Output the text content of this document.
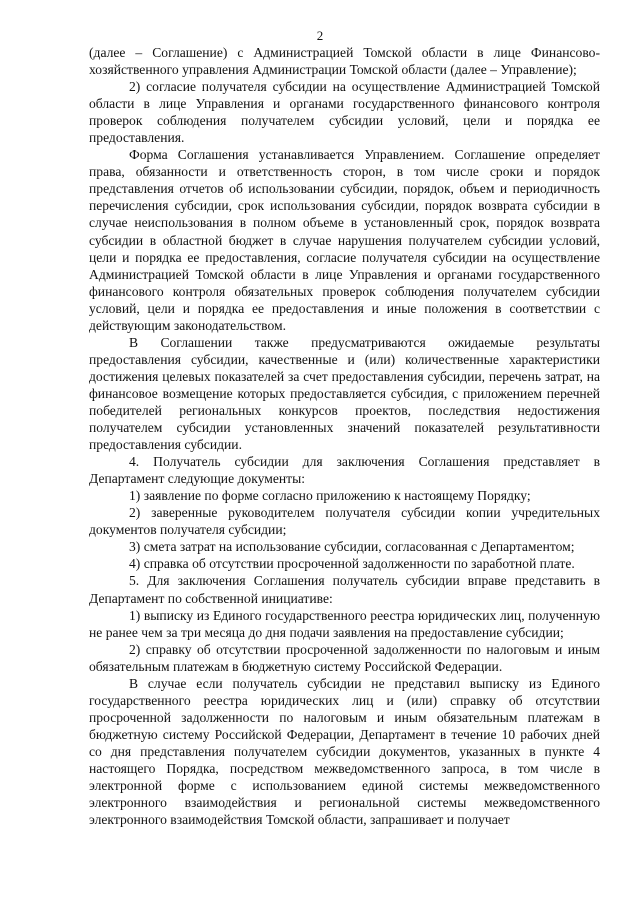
2

(далее – Соглашение) с Администрацией Томской области в лице Финансово-хозяйственного управления Администрации Томской области (далее – Управление);

2) согласие получателя субсидии на осуществление Администрацией Томской области в лице Управления и органами государственного финансового контроля проверок соблюдения получателем субсидии условий, цели и порядка ее предоставления.

Форма Соглашения устанавливается Управлением. Соглашение определяет права, обязанности и ответственность сторон, в том числе сроки и порядок представления отчетов об использовании субсидии, порядок, объем и периодичность перечисления субсидии, срок использования субсидии, порядок возврата субсидии в случае неиспользования в полном объеме в установленный срок, порядок возврата субсидии в областной бюджет в случае нарушения получателем субсидии условий, цели и порядка ее предоставления, согласие получателя субсидии на осуществление Администрацией Томской области в лице Управления и органами государственного финансового контроля обязательных проверок соблюдения получателем субсидии условий, цели и порядка ее предоставления и иные положения в соответствии с действующим законодательством.

В Соглашении также предусматриваются ожидаемые результаты предоставления субсидии, качественные и (или) количественные характеристики достижения целевых показателей за счет предоставления субсидии, перечень затрат, на финансовое возмещение которых предоставляется субсидия, с приложением перечней победителей региональных конкурсов проектов, последствия недостижения получателем субсидии установленных значений показателей результативности предоставления субсидии.

4. Получатель субсидии для заключения Соглашения представляет в Департамент следующие документы:

1) заявление по форме согласно приложению к настоящему Порядку;

2) заверенные руководителем получателя субсидии копии учредительных документов получателя субсидии;

3) смета затрат на использование субсидии, согласованная с Департаментом;

4) справка об отсутствии просроченной задолженности по заработной плате.

5. Для заключения Соглашения получатель субсидии вправе представить в Департамент по собственной инициативе:

1) выписку из Единого государственного реестра юридических лиц, полученную не ранее чем за три месяца до дня подачи заявления на предоставление субсидии;

2) справку об отсутствии просроченной задолженности по налоговым и иным обязательным платежам в бюджетную систему Российской Федерации.

В случае если получатель субсидии не представил выписку из Единого государственного реестра юридических лиц и (или) справку об отсутствии просроченной задолженности по налоговым и иным обязательным платежам в бюджетную систему Российской Федерации, Департамент в течение 10 рабочих дней со дня представления получателем субсидии документов, указанных в пункте 4 настоящего Порядка, посредством межведомственного запроса, в том числе в электронной форме с использованием единой системы межведомственного электронного взаимодействия и региональной системы межведомственного электронного взаимодействия Томской области, запрашивает и получает
